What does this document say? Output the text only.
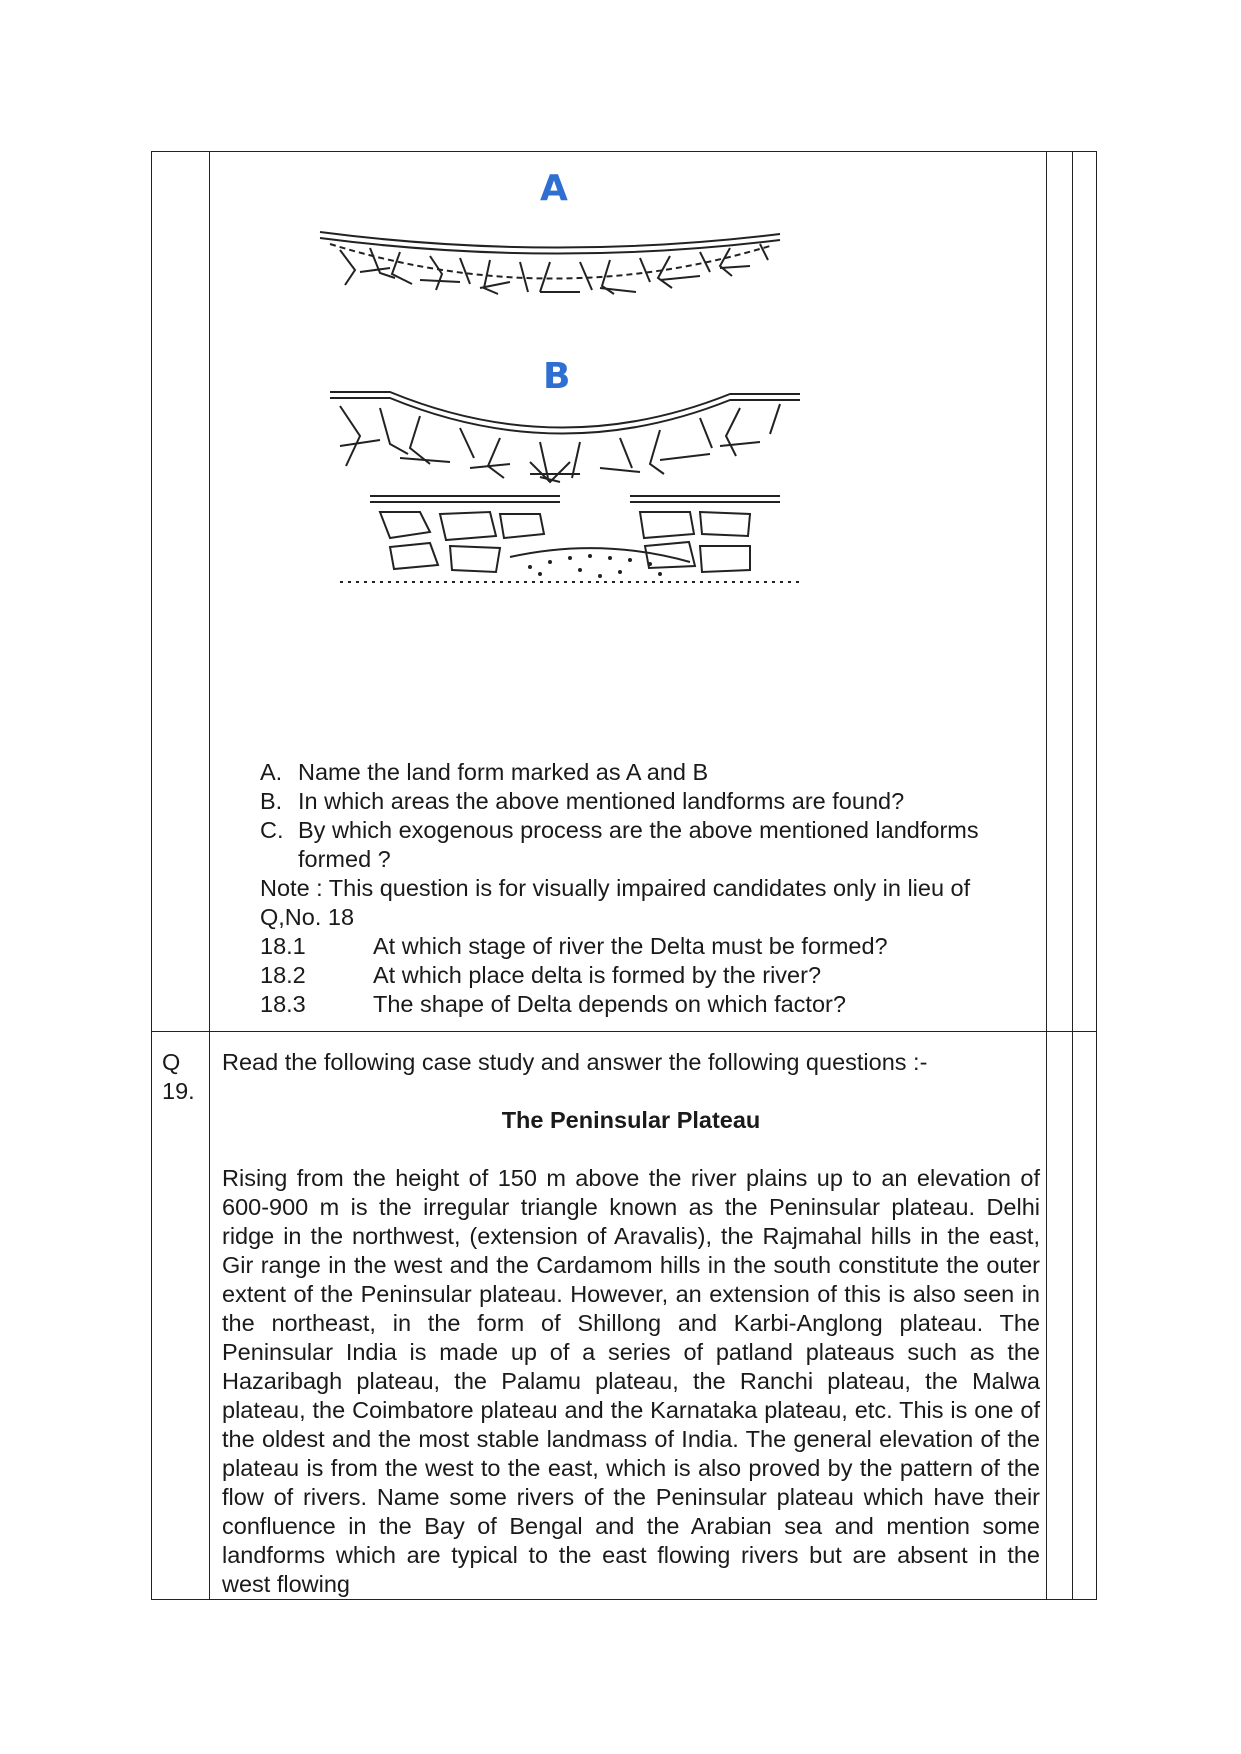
A
B
A. Name the land form marked as A and B
B. In which areas the above mentioned landforms are found?
C. By which exogenous process are the above mentioned landforms
formed ?
Note : This question is for visually impaired candidates only in lieu of
Q,No. 18
18.1	At which stage of river the Delta must be formed?
18.2	At which place delta is formed by the river?
18.3	The shape of Delta depends on which factor?
Q
19.
Read the following case study and answer the following questions :-
The Peninsular Plateau
Rising from the height of 150 m above the river plains up to an elevation of 600-900 m is the irregular triangle known as the Peninsular plateau. Delhi ridge in the northwest, (extension of Aravalis), the Rajmahal hills in the east, Gir range in the west and the Cardamom hills in the south constitute the outer extent of the Peninsular plateau. However, an extension of this is also seen in the northeast, in the form of Shillong and Karbi-Anglong plateau. The Peninsular India is made up of a series of patland plateaus such as the Hazaribagh plateau, the Palamu plateau, the Ranchi plateau, the Malwa plateau, the Coimbatore plateau and the Karnataka plateau, etc. This is one of the oldest and the most stable landmass of India. The general elevation of the plateau is from the west to the east, which is also proved by the pattern of the flow of rivers. Name some rivers of the Peninsular plateau which have their confluence in the Bay of Bengal and the Arabian sea and mention some landforms which are typical to the east flowing rivers but are absent in the west flowing
